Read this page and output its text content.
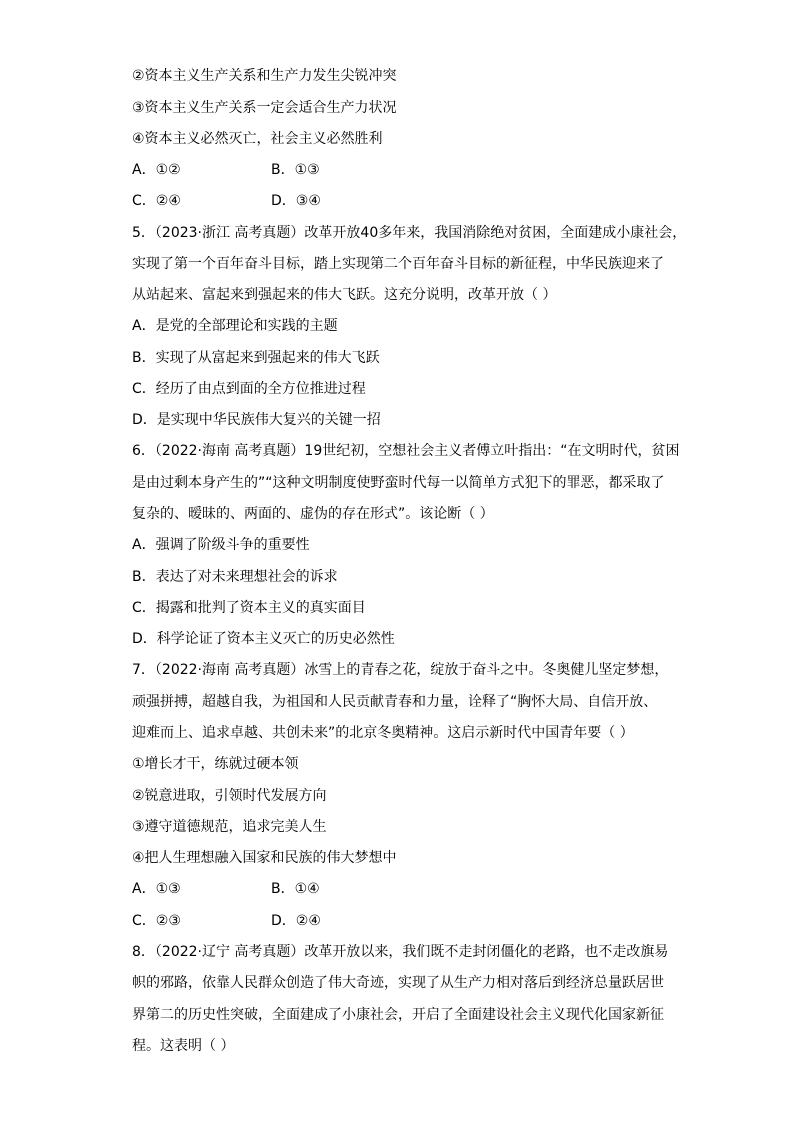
②资本主义生产关系和生产力发生尖锐冲突
③资本主义生产关系一定会适合生产力状况
④资本主义必然灭亡，社会主义必然胜利
A．①②	B．①③
C．②④	D．③④
5．（2023·浙江 高考真题）改革开放40多年来，我国消除绝对贫困，全面建成小康社会，
实现了第一个百年奋斗目标，踏上实现第二个百年奋斗目标的新征程，中华民族迎来了
从站起来、富起来到强起来的伟大飞跃。这充分说明，改革开放（ ）
A．是党的全部理论和实践的主题
B．实现了从富起来到强起来的伟大飞跃
C．经历了由点到面的全方位推进过程
D．是实现中华民族伟大复兴的关键一招
6．（2022·海南 高考真题）19世纪初，空想社会主义者傅立叶指出：“在文明时代，贫困
是由过剩本身产生的”“这种文明制度使野蛮时代每一以简单方式犯下的罪恶，都采取了
复杂的、暧昧的、两面的、虚伪的存在形式”。该论断（ ）
A．强调了阶级斗争的重要性
B．表达了对未来理想社会的诉求
C．揭露和批判了资本主义的真实面目
D．科学论证了资本主义灭亡的历史必然性
7．（2022·海南 高考真题）冰雪上的青春之花，绽放于奋斗之中。冬奥健儿坚定梦想，
顽强拼搏，超越自我，为祖国和人民贡献青春和力量，诠释了“胸怀大局、自信开放、
迎难而上、追求卓越、共创未来”的北京冬奥精神。这启示新时代中国青年要（ ）
①增长才干，练就过硬本领
②锐意进取，引领时代发展方向
③遵守道德规范，追求完美人生
④把人生理想融入国家和民族的伟大梦想中
A．①③	B．①④
C．②③	D．②④
8．（2022·辽宁 高考真题）改革开放以来，我们既不走封闭僵化的老路，也不走改旗易
帜的邪路，依靠人民群众创造了伟大奇迹，实现了从生产力相对落后到经济总量跃居世
界第二的历史性突破，全面建成了小康社会，开启了全面建设社会主义现代化国家新征
程。这表明（ ）
